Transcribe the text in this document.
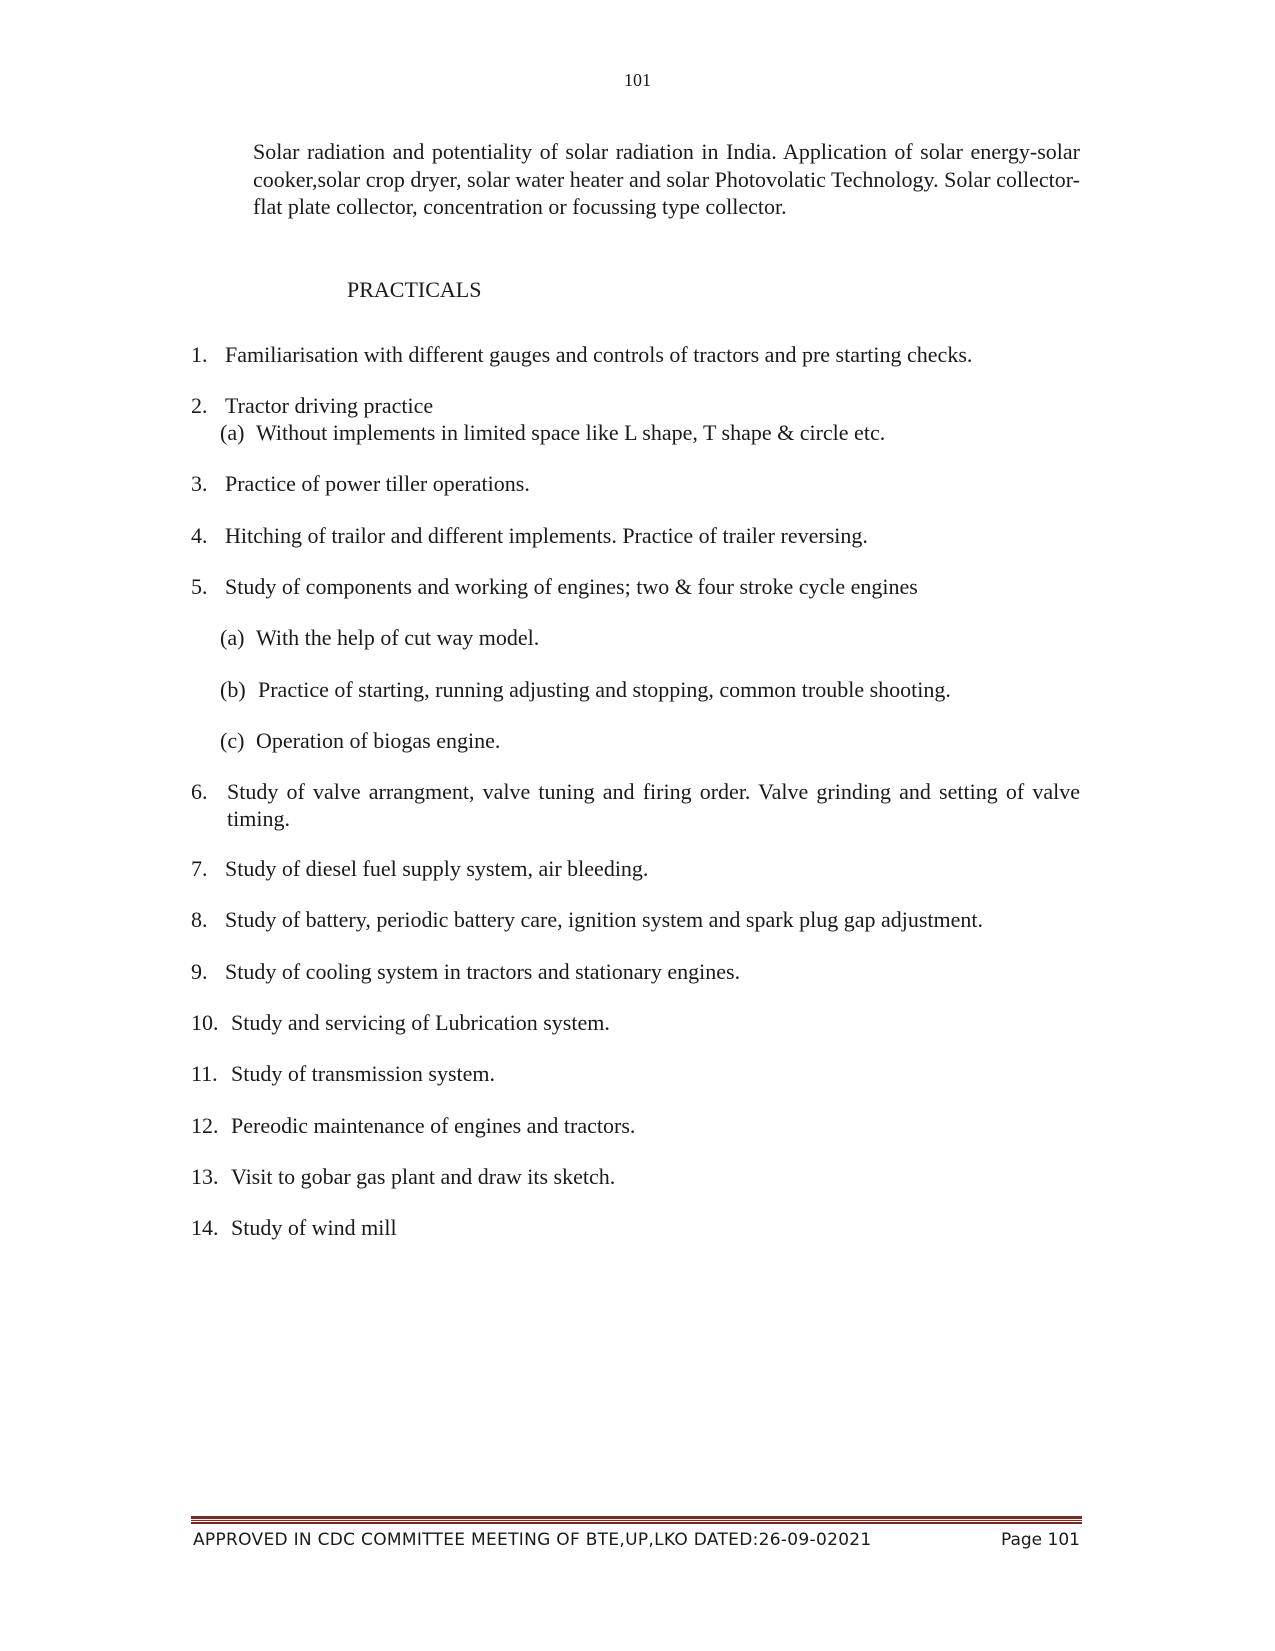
101
Solar radiation and potentiality of solar radiation in India. Application of solar energy-solar cooker,solar crop dryer, solar water heater and solar Photovolatic Technology. Solar collector-flat plate collector, concentration or focussing type collector.
PRACTICALS
1. Familiarisation with different gauges and controls of tractors and pre starting checks.
2. Tractor driving practice
(a) Without implements in limited space like L shape, T shape & circle etc.
3. Practice of power tiller operations.
4. Hitching of trailor and different implements. Practice of trailer reversing.
5. Study of components and working of engines; two & four stroke cycle engines
(a) With the help of cut way model.
(b) Practice of starting, running adjusting and stopping, common trouble shooting.
(c) Operation of biogas engine.
6. Study of valve arrangment, valve tuning and firing order. Valve grinding and setting of valve timing.
7. Study of diesel fuel supply system, air bleeding.
8. Study of battery, periodic battery care, ignition system and spark plug gap adjustment.
9. Study of cooling system in tractors and stationary engines.
10. Study and servicing of Lubrication system.
11. Study of transmission system.
12. Pereodic maintenance of engines and tractors.
13. Visit to gobar gas plant and draw its sketch.
14. Study of wind mill
APPROVED IN CDC COMMITTEE MEETING OF BTE,UP,LKO DATED:26-09-02021	Page 101
